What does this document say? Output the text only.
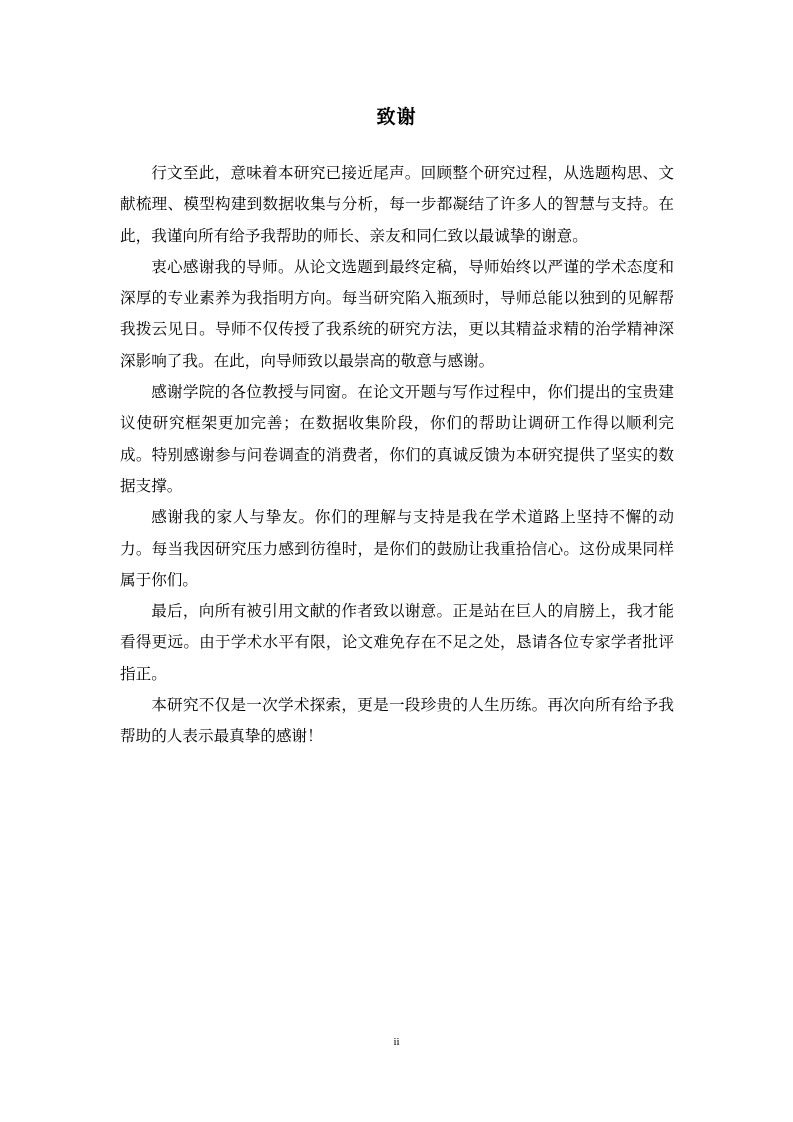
致谢

行文至此，意味着本研究已接近尾声。回顾整个研究过程，从选题构思、文献梳理、模型构建到数据收集与分析，每一步都凝结了许多人的智慧与支持。在此，我谨向所有给予我帮助的师长、亲友和同仁致以最诚挚的谢意。

衷心感谢我的导师。从论文选题到最终定稿，导师始终以严谨的学术态度和深厚的专业素养为我指明方向。每当研究陷入瓶颈时，导师总能以独到的见解帮我拨云见日。导师不仅传授了我系统的研究方法，更以其精益求精的治学精神深深影响了我。在此，向导师致以最崇高的敬意与感谢。

感谢学院的各位教授与同窗。在论文开题与写作过程中，你们提出的宝贵建议使研究框架更加完善；在数据收集阶段，你们的帮助让调研工作得以顺利完成。特别感谢参与问卷调查的消费者，你们的真诚反馈为本研究提供了坚实的数据支撑。

感谢我的家人与挚友。你们的理解与支持是我在学术道路上坚持不懈的动力。每当我因研究压力感到彷徨时，是你们的鼓励让我重拾信心。这份成果同样属于你们。

最后，向所有被引用文献的作者致以谢意。正是站在巨人的肩膀上，我才能看得更远。由于学术水平有限，论文难免存在不足之处，恳请各位专家学者批评指正。

本研究不仅是一次学术探索，更是一段珍贵的人生历练。再次向所有给予我帮助的人表示最真挚的感谢！

ii
